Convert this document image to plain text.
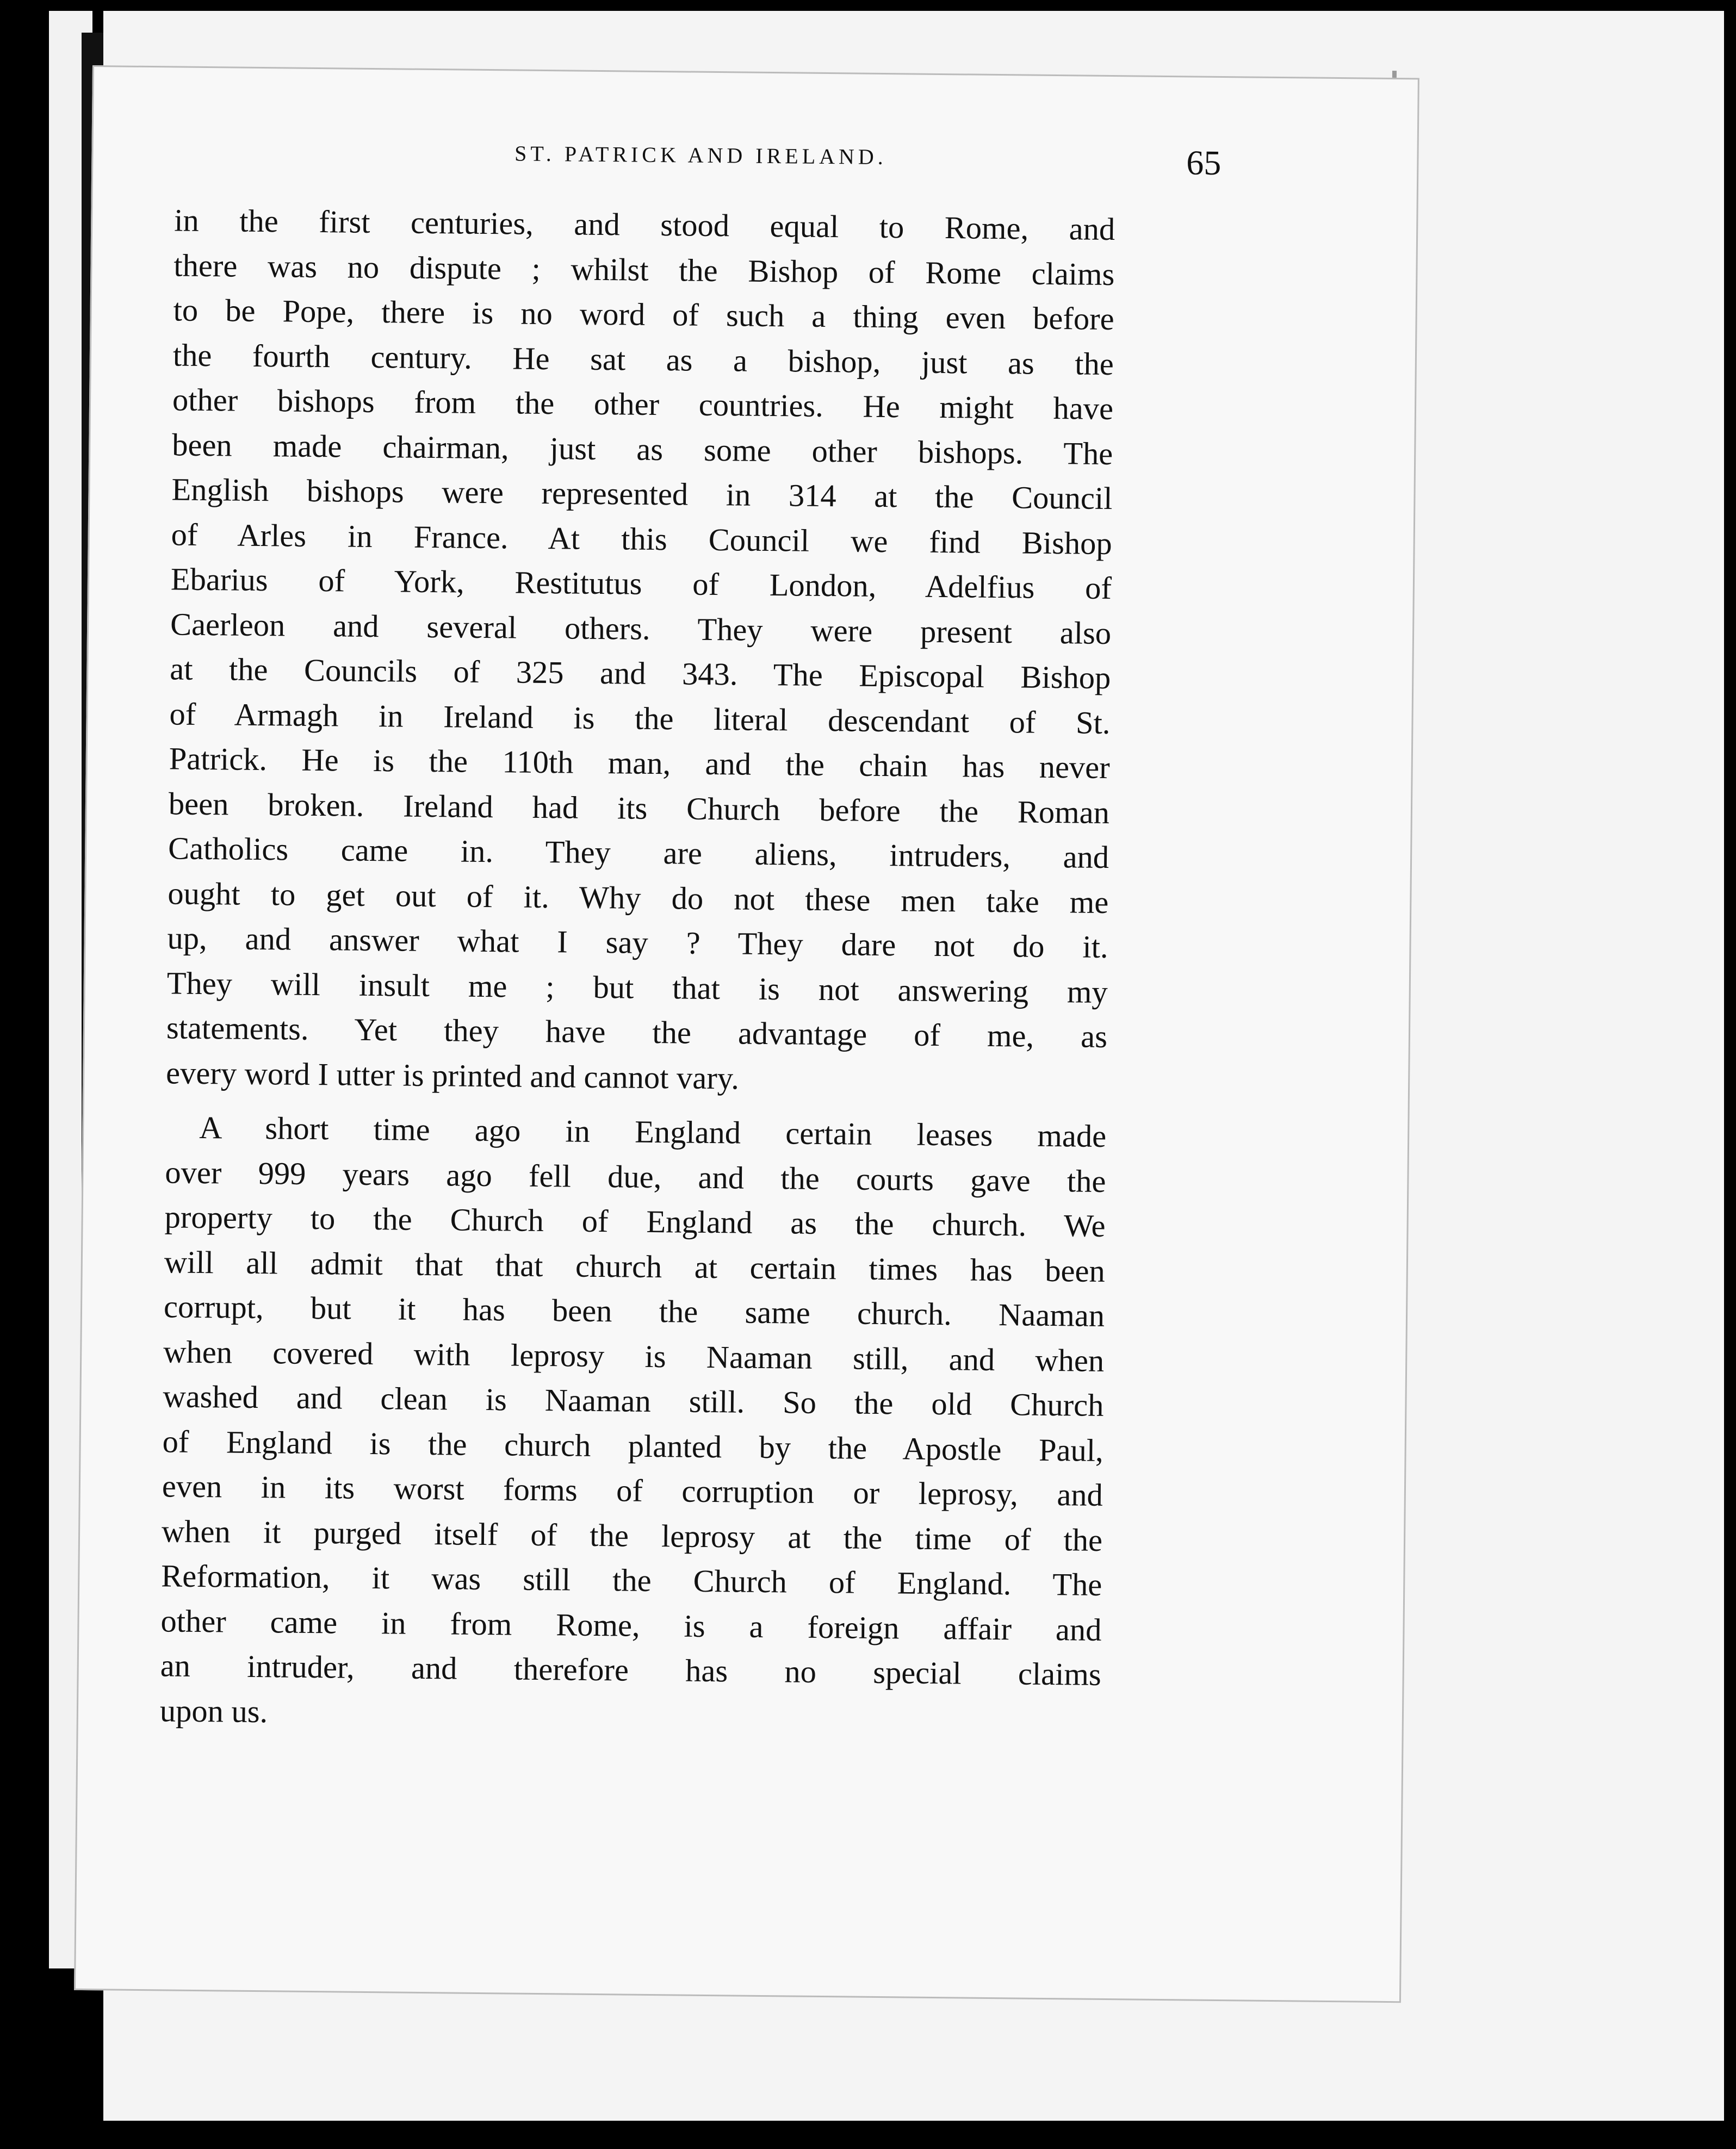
ST. PATRICK AND IRELAND.	65
in the first centuries, and stood equal to Rome, and
there was no dispute ; whilst the Bishop of Rome claims
to be Pope, there is no word of such a thing even before
the fourth century. He sat as a bishop, just as the
other bishops from the other countries. He might have
been made chairman, just as some other bishops. The
English bishops were represented in 314 at the Council
of Arles in France. At this Council we find Bishop
Ebarius of York, Restitutus of London, Adelfius of
Caerleon and several others. They were present also
at the Councils of 325 and 343. The Episcopal Bishop
of Armagh in Ireland is the literal descendant of St.
Patrick. He is the 110th man, and the chain has never
been broken. Ireland had its Church before the Roman
Catholics came in. They are aliens, intruders, and
ought to get out of it. Why do not these men take me
up, and answer what I say ? They dare not do it.
They will insult me ; but that is not answering my
statements. Yet they have the advantage of me, as
every word I utter is printed and cannot vary.
A short time ago in England certain leases made
over 999 years ago fell due, and the courts gave the
property to the Church of England as the church. We
will all admit that that church at certain times has been
corrupt, but it has been the same church. Naaman
when covered with leprosy is Naaman still, and when
washed and clean is Naaman still. So the old Church
of England is the church planted by the Apostle Paul,
even in its worst forms of corruption or leprosy, and
when it purged itself of the leprosy at the time of the
Reformation, it was still the Church of England. The
other came in from Rome, is a foreign affair and
an intruder, and therefore has no special claims
upon us.
